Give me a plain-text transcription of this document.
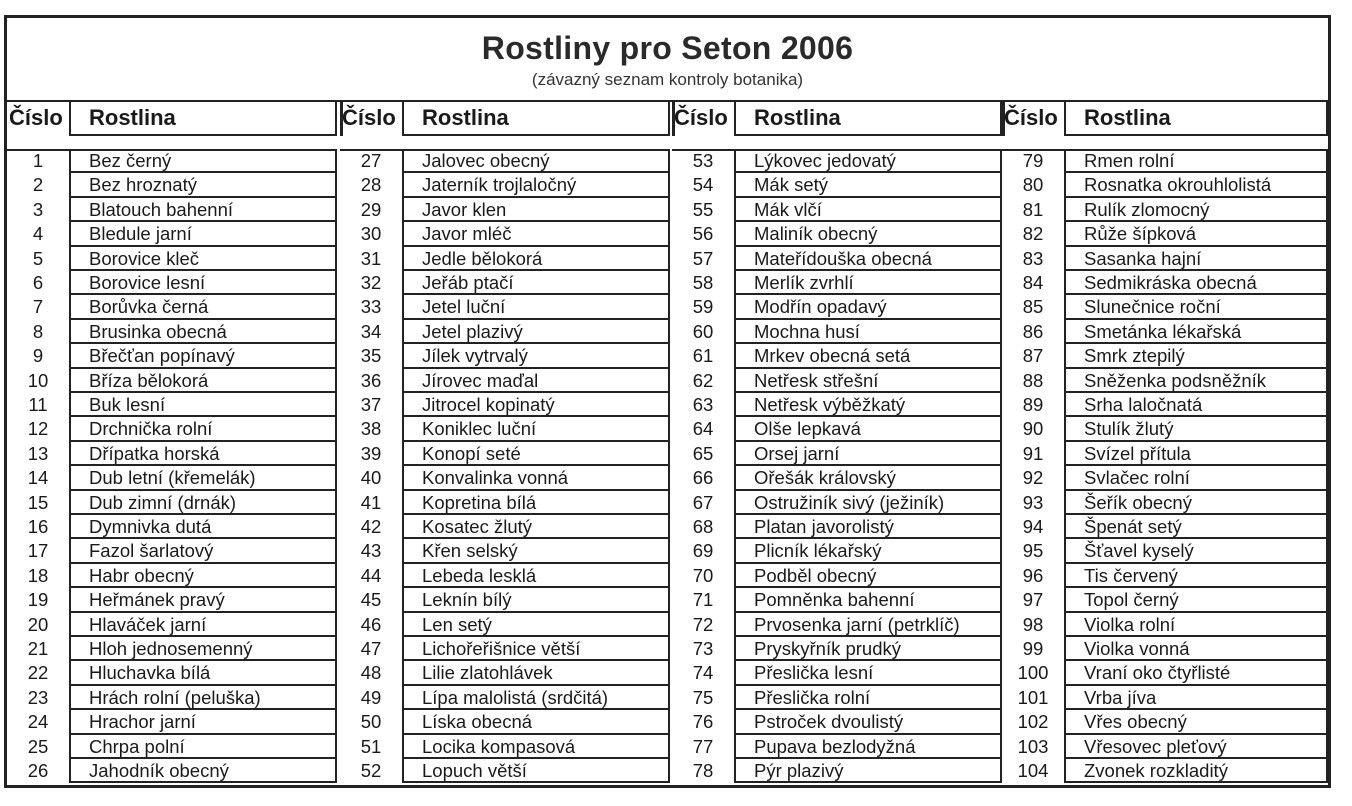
Rostliny pro Seton 2006
(závazný seznam kontroly botanika)
Číslo	Rostlina
1	Bez černý
2	Bez hroznatý
3	Blatouch bahenní
4	Bledule jarní
5	Borovice kleč
6	Borovice lesní
7	Borůvka černá
8	Brusinka obecná
9	Břečťan popínavý
10	Bříza bělokorá
11	Buk lesní
12	Drchnička rolní
13	Dřípatka horská
14	Dub letní (křemelák)
15	Dub zimní (drnák)
16	Dymnivka dutá
17	Fazol šarlatový
18	Habr obecný
19	Heřmánek pravý
20	Hlaváček jarní
21	Hloh jednosemenný
22	Hluchavka bílá
23	Hrách rolní (peluška)
24	Hrachor jarní
25	Chrpa polní
26	Jahodník obecný
Číslo	Rostlina
27	Jalovec obecný
28	Jaterník trojlaločný
29	Javor klen
30	Javor mléč
31	Jedle bělokorá
32	Jeřáb ptačí
33	Jetel luční
34	Jetel plazivý
35	Jílek vytrvalý
36	Jírovec maďal
37	Jitrocel kopinatý
38	Koniklec luční
39	Konopí seté
40	Konvalinka vonná
41	Kopretina bílá
42	Kosatec žlutý
43	Křen selský
44	Lebeda lesklá
45	Leknín bílý
46	Len setý
47	Lichořeřišnice větší
48	Lilie zlatohlávek
49	Lípa malolistá (srdčitá)
50	Líska obecná
51	Locika kompasová
52	Lopuch větší
Číslo	Rostlina
53	Lýkovec jedovatý
54	Mák setý
55	Mák vlčí
56	Maliník obecný
57	Mateřídouška obecná
58	Merlík zvrhlí
59	Modřín opadavý
60	Mochna husí
61	Mrkev obecná setá
62	Netřesk střešní
63	Netřesk výběžkatý
64	Olše lepkavá
65	Orsej jarní
66	Ořešák královský
67	Ostružiník sivý (ježiník)
68	Platan javorolistý
69	Plicník lékařský
70	Podběl obecný
71	Pomněnka bahenní
72	Prvosenka jarní (petrklíč)
73	Pryskyřník prudký
74	Přeslička lesní
75	Přeslička rolní
76	Pstroček dvoulistý
77	Pupava bezlodyžná
78	Pýr plazivý
Číslo	Rostlina
79	Rmen rolní
80	Rosnatka okrouhlolistá
81	Rulík zlomocný
82	Růže šípková
83	Sasanka hajní
84	Sedmikráska obecná
85	Slunečnice roční
86	Smetánka lékařská
87	Smrk ztepilý
88	Sněženka podsněžník
89	Srha laločnatá
90	Stulík žlutý
91	Svízel přítula
92	Svlačec rolní
93	Šeřík obecný
94	Špenát setý
95	Šťavel kyselý
96	Tis červený
97	Topol černý
98	Violka rolní
99	Violka vonná
100	Vraní oko čtyřlisté
101	Vrba jíva
102	Vřes obecný
103	Vřesovec pleťový
104	Zvonek rozkladitý
